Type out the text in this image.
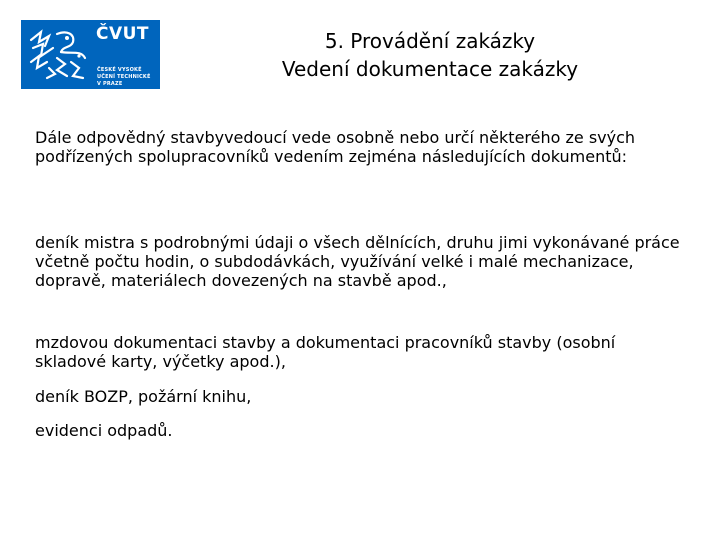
ČVUT
ČESKÉ VYSOKÉ
UČENÍ TECHNICKÉ
V PRAZE
5. Provádění zakázky
Vedení dokumentace zakázky
Dále odpovědný stavbyvedoucí vede osobně nebo určí některého ze svých podřízených spolupracovníků vedením zejména následujících dokumentů:
deník mistra s podrobnými údaji o všech dělnících, druhu jimi vykonávané práce včetně počtu hodin, o subdodávkách, využívání velké i malé mechanizace, dopravě, materiálech dovezených na stavbě apod.,
mzdovou dokumentaci stavby a dokumentaci pracovníků stavby (osobní skladové karty, výčetky apod.),
deník BOZP, požární knihu,
evidenci odpadů.
